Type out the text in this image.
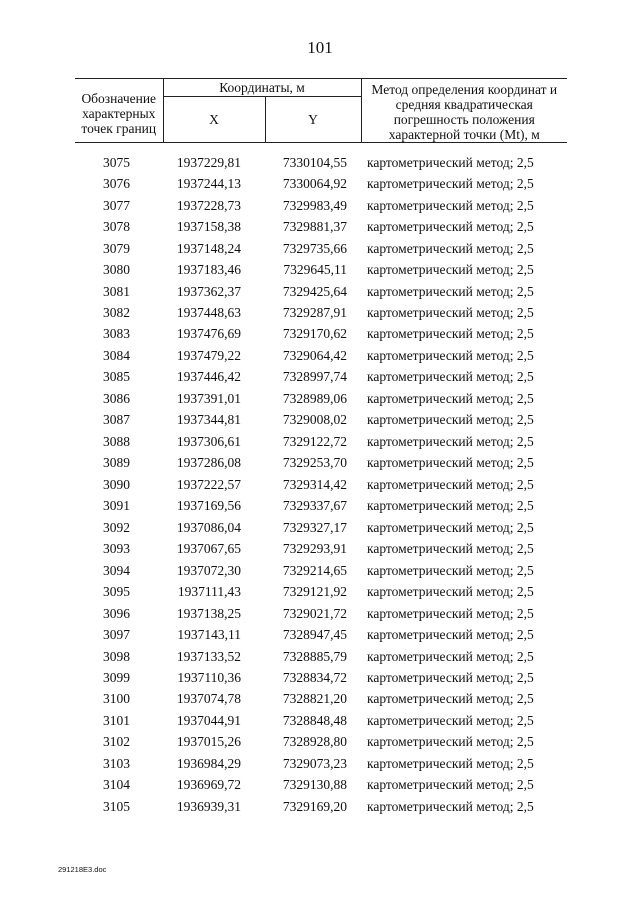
101
Обозначение характерных точек границ	Координаты, м		Метод определения координат и средняя квадратическая погрешность положения характерной точки (Mt), м
	X	Y	
3075	1937229,81	7330104,55	картометрический метод; 2,5
3076	1937244,13	7330064,92	картометрический метод; 2,5
3077	1937228,73	7329983,49	картометрический метод; 2,5
3078	1937158,38	7329881,37	картометрический метод; 2,5
3079	1937148,24	7329735,66	картометрический метод; 2,5
3080	1937183,46	7329645,11	картометрический метод; 2,5
3081	1937362,37	7329425,64	картометрический метод; 2,5
3082	1937448,63	7329287,91	картометрический метод; 2,5
3083	1937476,69	7329170,62	картометрический метод; 2,5
3084	1937479,22	7329064,42	картометрический метод; 2,5
3085	1937446,42	7328997,74	картометрический метод; 2,5
3086	1937391,01	7328989,06	картометрический метод; 2,5
3087	1937344,81	7329008,02	картометрический метод; 2,5
3088	1937306,61	7329122,72	картометрический метод; 2,5
3089	1937286,08	7329253,70	картометрический метод; 2,5
3090	1937222,57	7329314,42	картометрический метод; 2,5
3091	1937169,56	7329337,67	картометрический метод; 2,5
3092	1937086,04	7329327,17	картометрический метод; 2,5
3093	1937067,65	7329293,91	картометрический метод; 2,5
3094	1937072,30	7329214,65	картометрический метод; 2,5
3095	1937111,43	7329121,92	картометрический метод; 2,5
3096	1937138,25	7329021,72	картометрический метод; 2,5
3097	1937143,11	7328947,45	картометрический метод; 2,5
3098	1937133,52	7328885,79	картометрический метод; 2,5
3099	1937110,36	7328834,72	картометрический метод; 2,5
3100	1937074,78	7328821,20	картометрический метод; 2,5
3101	1937044,91	7328848,48	картометрический метод; 2,5
3102	1937015,26	7328928,80	картометрический метод; 2,5
3103	1936984,29	7329073,23	картометрический метод; 2,5
3104	1936969,72	7329130,88	картометрический метод; 2,5
3105	1936939,31	7329169,20	картометрический метод; 2,5
291218E3.doc
